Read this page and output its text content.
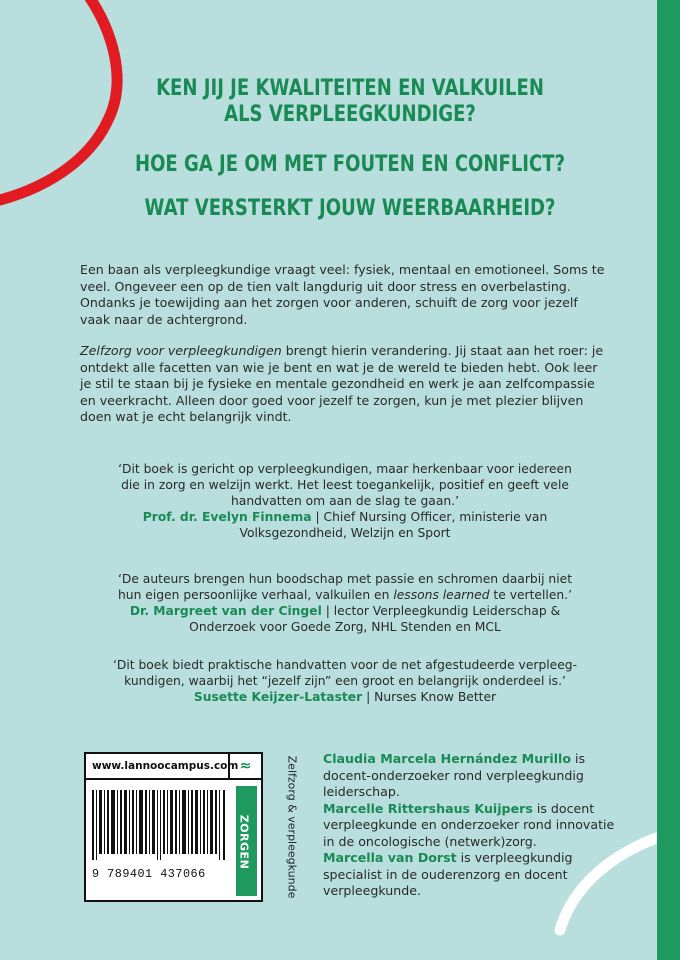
KEN JIJ JE KWALITEITEN EN VALKUILEN
ALS VERPLEEGKUNDIGE?
HOE GA JE OM MET FOUTEN EN CONFLICT?
WAT VERSTERKT JOUW WEERBAARHEID?
Een baan als verpleegkundige vraagt veel: fysiek, mentaal en emotioneel. Soms te veel. Ongeveer een op de tien valt langdurig uit door stress en overbelasting. Ondanks je toewijding aan het zorgen voor anderen, schuift de zorg voor jezelf vaak naar de achtergrond.
Zelfzorg voor verpleegkundigen brengt hierin verandering. Jij staat aan het roer: je ontdekt alle facetten van wie je bent en wat je de wereld te bieden hebt. Ook leer je stil te staan bij je fysieke en mentale gezondheid en werk je aan zelfcompassie en veerkracht. Alleen door goed voor jezelf te zorgen, kun je met plezier blijven doen wat je echt belangrijk vindt.
‘Dit boek is gericht op verpleegkundigen, maar herkenbaar voor iedereen die in zorg en welzijn werkt. Het leest toegankelijk, positief en geeft vele handvatten om aan de slag te gaan.’
Prof. dr. Evelyn Finnema | Chief Nursing Officer, ministerie van Volksgezondheid, Welzijn en Sport
‘De auteurs brengen hun boodschap met passie en schromen daarbij niet hun eigen persoonlijke verhaal, valkuilen en lessons learned te vertellen.’
Dr. Margreet van der Cingel | lector Verpleegkundig Leiderschap & Onderzoek voor Goede Zorg, NHL Stenden en MCL
‘Dit boek biedt praktische handvatten voor de net afgestudeerde verpleeg-kundigen, waarbij het “jezelf zijn” een groot en belangrijk onderdeel is.’
Susette Keijzer-Lataster | Nurses Know Better
www.lannoocampus.com ≈
9 789401 437066
ZORGEN	Zelfzorg & verpleegkunde Claudia Marcela Hernández Murillo is docent-onderzoeker rond verpleegkundig leiderschap.
Marcelle Rittershaus Kuijpers is docent verpleegkunde en onderzoeker rond innovatie in de oncologische (netwerk)zorg.
Marcella van Dorst is verpleegkundig specialist in de ouderenzorg en docent verpleegkunde.
